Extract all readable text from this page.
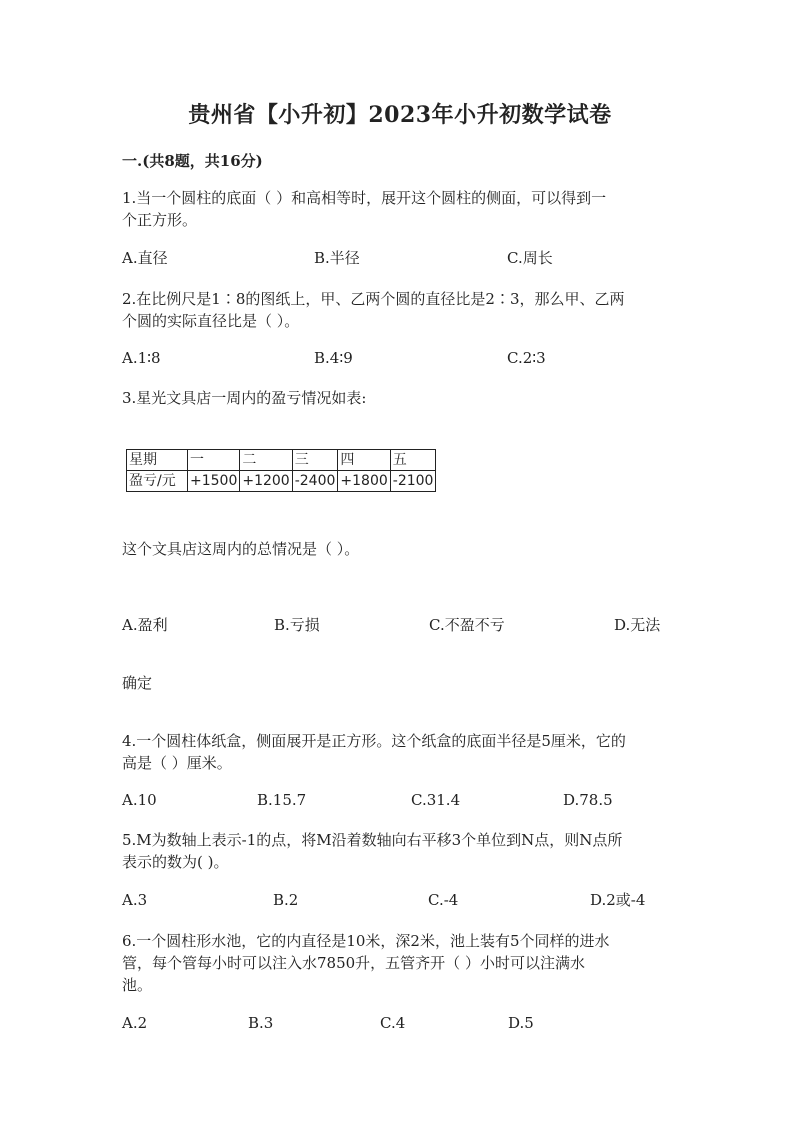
贵州省【小升初】2023年小升初数学试卷
一.(共8题，共16分)
1.当一个圆柱的底面（ ）和高相等时，展开这个圆柱的侧面，可以得到一
个正方形。
A.直径	B.半径	C.周长
2.在比例尺是1∶8的图纸上，甲、乙两个圆的直径比是2∶3，那么甲、乙两
个圆的实际直径比是（ ）。
A.1∶8	B.4∶9	C.2∶3
3.星光文具店一周内的盈亏情况如表:
星期	一	二	三	四	五
盈亏/元	+1500	+1200	-2400	+1800	-2100
这个文具店这周内的总情况是（ ）。
A.盈利	B.亏损	C.不盈不亏	D.无法
确定
4.一个圆柱体纸盒，侧面展开是正方形。这个纸盒的底面半径是5厘米，它的
高是（ ）厘米。
A.10	B.15.7	C.31.4	D.78.5
5.M为数轴上表示-1的点，将M沿着数轴向右平移3个单位到N点，则N点所
表示的数为( )。
A.3	B.2	C.-4	D.2或-4
6.一个圆柱形水池，它的内直径是10米，深2米，池上装有5个同样的进水
管，每个管每小时可以注入水7850升，五管齐开（ ）小时可以注满水
池。
A.2	B.3	C.4	D.5
